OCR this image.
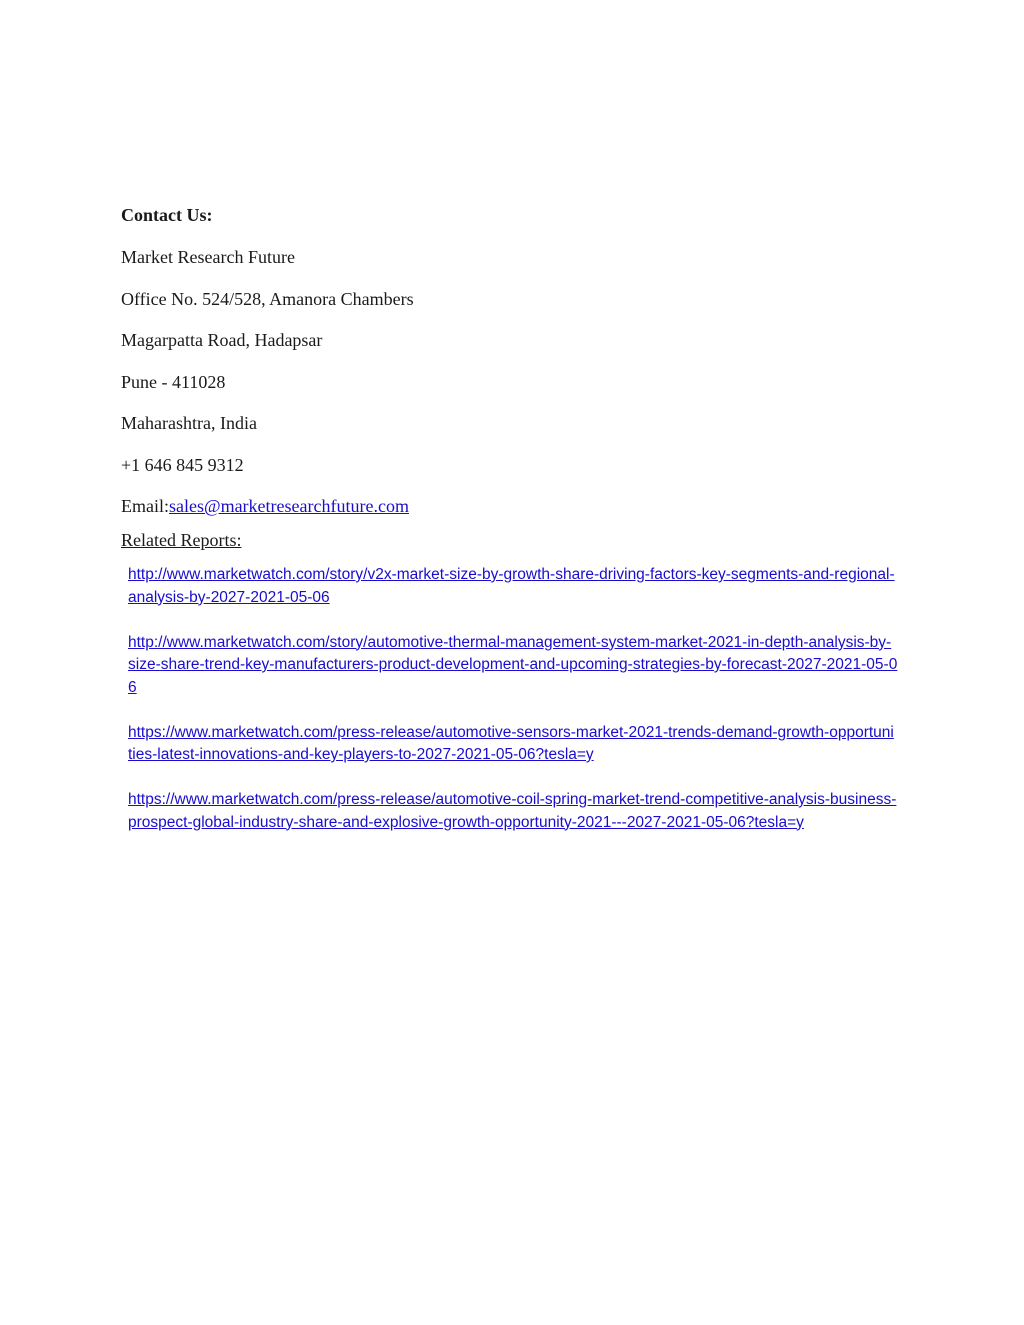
Contact Us:
Market Research Future
Office No. 524/528, Amanora Chambers
Magarpatta Road, Hadapsar
Pune - 411028
Maharashtra, India
+1 646 845 9312
Email:sales@marketresearchfuture.com
Related Reports:

http://www.marketwatch.com/story/v2x-market-size-by-growth-share-driving-factors-key-segments-and-regional-analysis-by-2027-2021-05-06

http://www.marketwatch.com/story/automotive-thermal-management-system-market-2021-in-depth-analysis-by-size-share-trend-key-manufacturers-product-development-and-upcoming-strategies-by-forecast-2027-2021-05-06

https://www.marketwatch.com/press-release/automotive-sensors-market-2021-trends-demand-growth-opportunities-latest-innovations-and-key-players-to-2027-2021-05-06?tesla=y

https://www.marketwatch.com/press-release/automotive-coil-spring-market-trend-competitive-analysis-business-prospect-global-industry-share-and-explosive-growth-opportunity-2021---2027-2021-05-06?tesla=y
